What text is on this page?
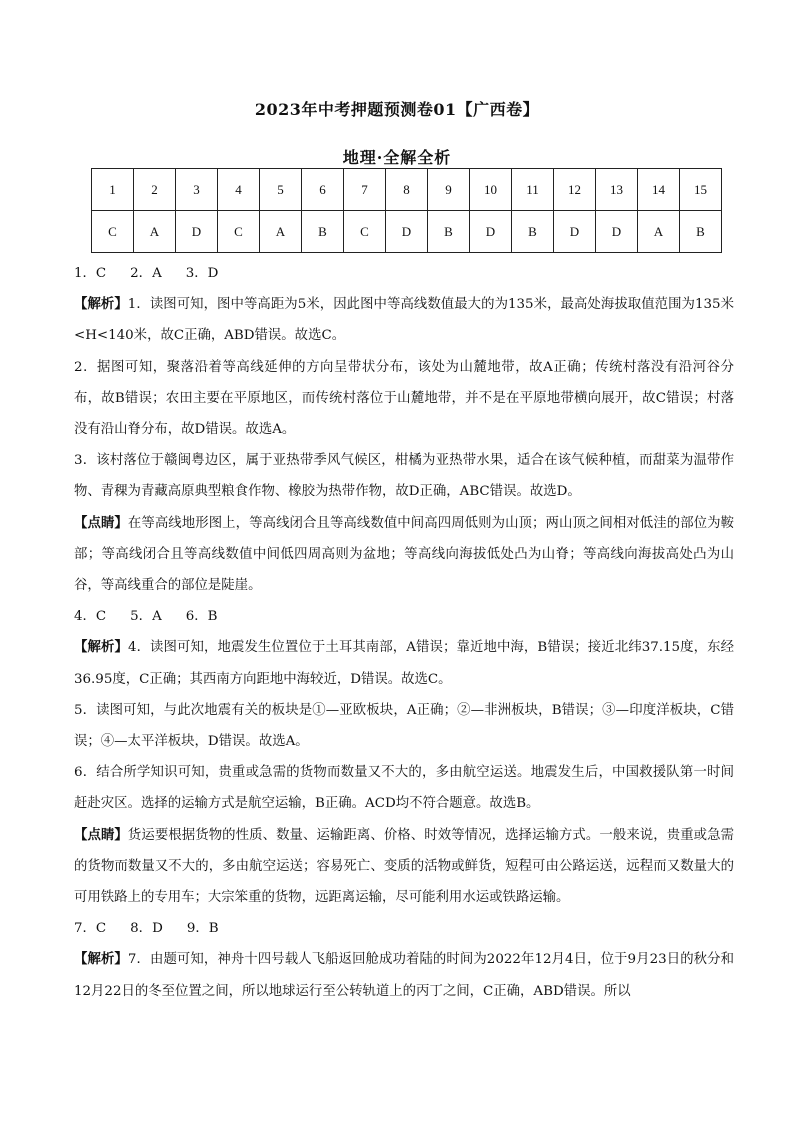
2023年中考押题预测卷01【广西卷】
地理·全解全析
1	2	3	4	5	6	7	8	9	10	11	12	13	14	15
C	A	D	C	A	B	C	D	B	D	B	D	D	A	B

1．C 2．A 3．D

【解析】1．读图可知，图中等高距为5米，因此图中等高线数值最大的为135米，最高处海拔取值范围为135米<H<140米，故C正确，ABD错误。故选C。

2．据图可知，聚落沿着等高线延伸的方向呈带状分布，该处为山麓地带，故A正确；传统村落没有沿河谷分布，故B错误；农田主要在平原地区，而传统村落位于山麓地带，并不是在平原地带横向展开，故C错误；村落没有沿山脊分布，故D错误。故选A。

3．该村落位于赣闽粤边区，属于亚热带季风气候区，柑橘为亚热带水果，适合在该气候种植，而甜菜为温带作物、青稞为青藏高原典型粮食作物、橡胶为热带作物，故D正确，ABC错误。故选D。

【点睛】在等高线地形图上，等高线闭合且等高线数值中间高四周低则为山顶；两山顶之间相对低洼的部位为鞍部；等高线闭合且等高线数值中间低四周高则为盆地；等高线向海拔低处凸为山脊；等高线向海拔高处凸为山谷，等高线重合的部位是陡崖。

4．C 5．A 6．B

【解析】4．读图可知，地震发生位置位于土耳其南部，A错误；靠近地中海，B错误；接近北纬37.15度，东经36.95度，C正确；其西南方向距地中海较近，D错误。故选C。

5．读图可知，与此次地震有关的板块是①—亚欧板块，A正确；②—非洲板块，B错误；③—印度洋板块，C错误；④—太平洋板块，D错误。故选A。

6．结合所学知识可知，贵重或急需的货物而数量又不大的，多由航空运送。地震发生后，中国救援队第一时间赶赴灾区。选择的运输方式是航空运输，B正确。ACD均不符合题意。故选B。

【点睛】货运要根据货物的性质、数量、运输距离、价格、时效等情况，选择运输方式。一般来说，贵重或急需的货物而数量又不大的，多由航空运送；容易死亡、变质的活物或鲜货，短程可由公路运送，远程而又数量大的可用铁路上的专用车；大宗笨重的货物，远距离运输，尽可能利用水运或铁路运输。

7．C 8．D 9．B

【解析】7．由题可知，神舟十四号载人飞船返回舱成功着陆的时间为2022年12月4日，位于9月23日的秋分和12月22日的冬至位置之间，所以地球运行至公转轨道上的丙丁之间，C正确，ABD错误。所以
